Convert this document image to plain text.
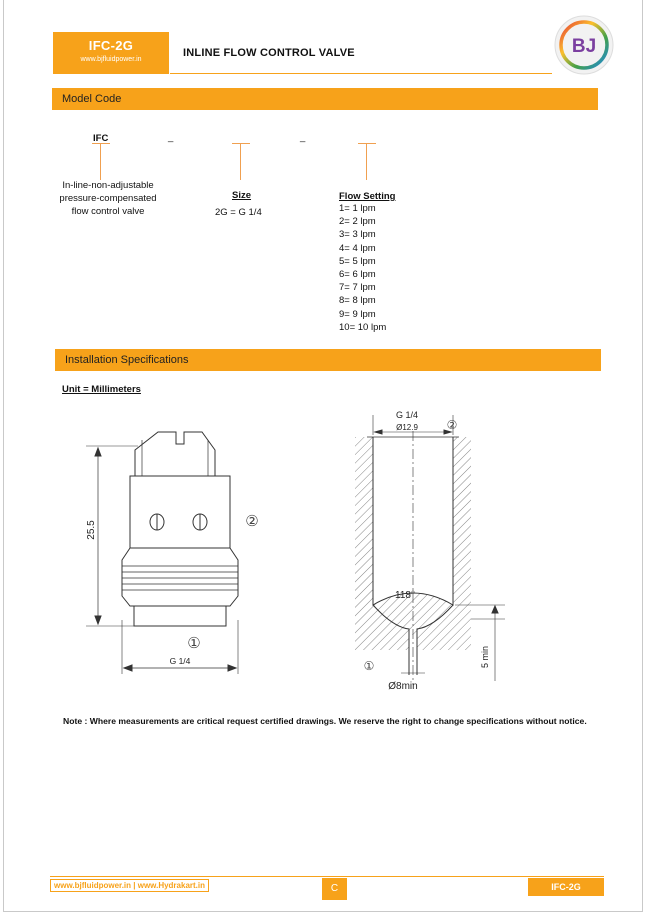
IFC-2G
www.bjfluidpower.in
INLINE FLOW CONTROL VALVE	BJ
Model Code
IFC	_	_
In-line-non-adjustable
pressure-compensated
flow control valve
Size
2G = G 1/4
Flow Setting
1= 1 lpm
2= 2 lpm
3= 3 lpm
4= 4 lpm
5= 5 lpm
6= 6 lpm
7= 7 lpm
8= 8 lpm
9= 9 lpm
10= 10 lpm
Installation Specifications
Unit = Millimeters
25.5
G 1/4
①
②
G 1/4
Ø12.9
118°
5 min
Ø8min
①
②
Note : Where measurements are critical request certified drawings. We reserve the right to change specifications without notice.
www.bjfluidpower.in | www.Hydrakart.in	C	IFC-2G
